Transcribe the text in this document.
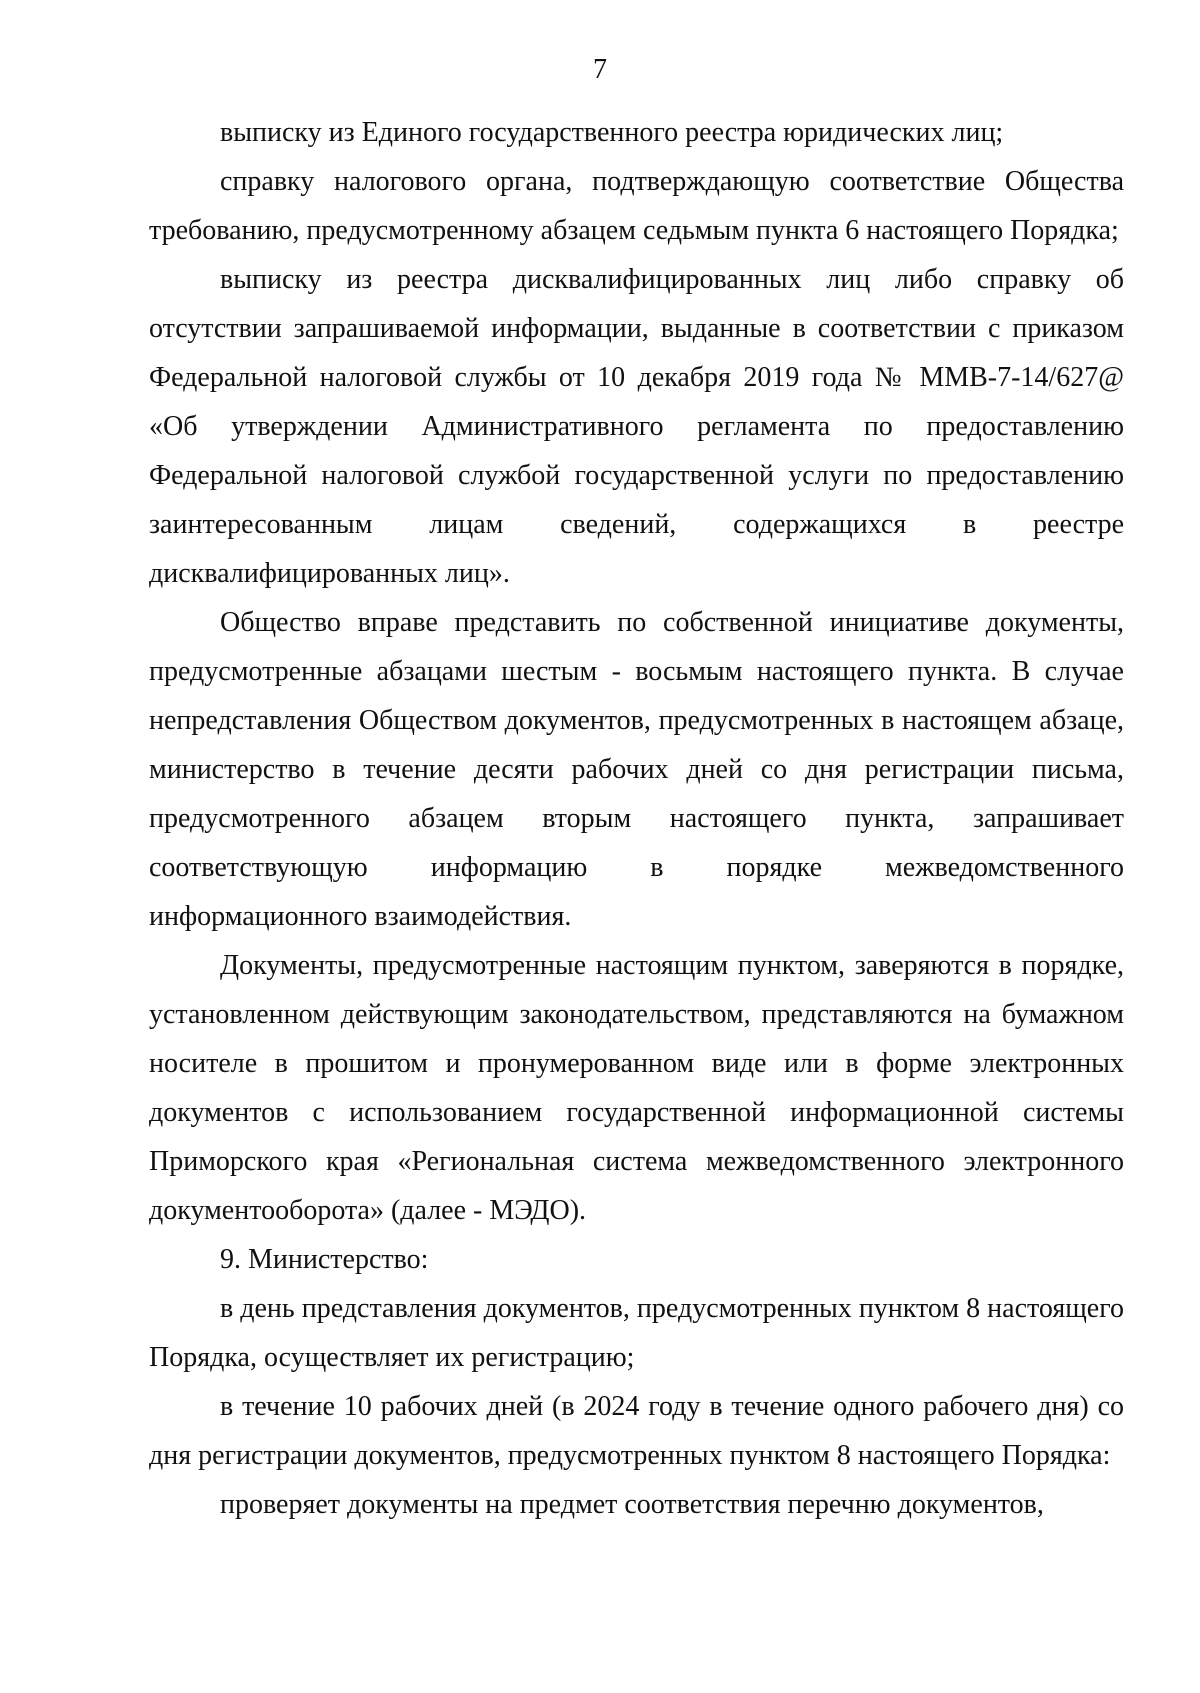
7

выписку из Единого государственного реестра юридических лиц;

справку налогового органа, подтверждающую соответствие Общества требованию, предусмотренному абзацем седьмым пункта 6 настоящего Порядка;

выписку из реестра дисквалифицированных лиц либо справку об отсутствии запрашиваемой информации, выданные в соответствии с приказом Федеральной налоговой службы от 10 декабря 2019 года № ММВ-7-14/627@ «Об утверждении Административного регламента по предоставлению Федеральной налоговой службой государственной услуги по предоставлению заинтересованным лицам сведений, содержащихся в реестре дисквалифицированных лиц».

Общество вправе представить по собственной инициативе документы, предусмотренные абзацами шестым - восьмым настоящего пункта. В случае непредставления Обществом документов, предусмотренных в настоящем абзаце, министерство в течение десяти рабочих дней со дня регистрации письма, предусмотренного абзацем вторым настоящего пункта, запрашивает соответствующую информацию в порядке межведомственного информационного взаимодействия.

Документы, предусмотренные настоящим пунктом, заверяются в порядке, установленном действующим законодательством, представляются на бумажном носителе в прошитом и пронумерованном виде или в форме электронных документов с использованием государственной информационной системы Приморского края «Региональная система межведомственного электронного документооборота» (далее - МЭДО).

9. Министерство:

в день представления документов, предусмотренных пунктом 8 настоящего Порядка, осуществляет их регистрацию;

в течение 10 рабочих дней (в 2024 году в течение одного рабочего дня) со дня регистрации документов, предусмотренных пунктом 8 настоящего Порядка:

проверяет документы на предмет соответствия перечню документов,
